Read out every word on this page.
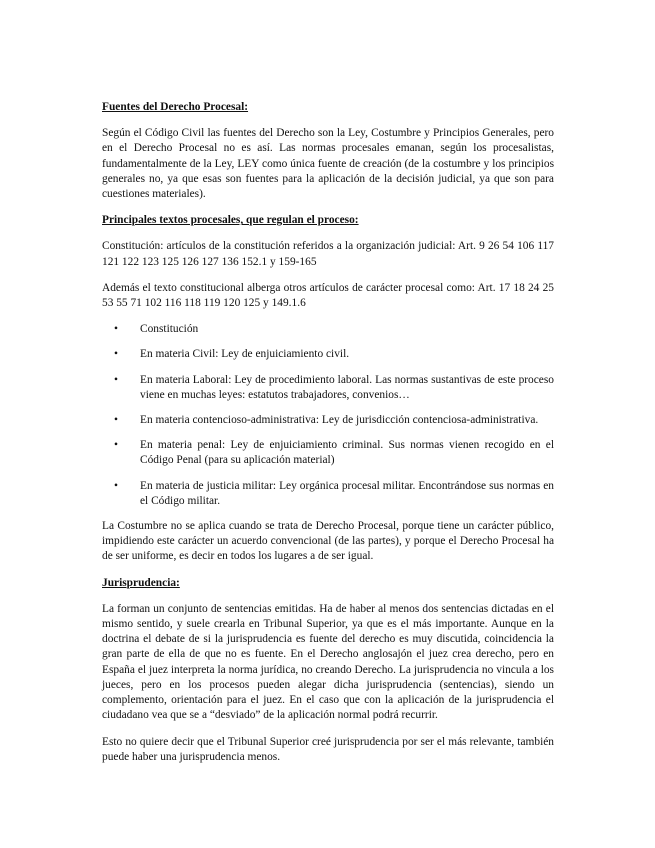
Fuentes del Derecho Procesal:

Según el Código Civil las fuentes del Derecho son la Ley, Costumbre y Principios Generales, pero en el Derecho Procesal no es así. Las normas procesales emanan, según los procesalistas, fundamentalmente de la Ley, LEY como única fuente de creación (de la costumbre y los principios generales no, ya que esas son fuentes para la aplicación de la decisión judicial, ya que son para cuestiones materiales).

Principales textos procesales, que regulan el proceso:

Constitución: artículos de la constitución referidos a la organización judicial: Art. 9 26 54 106 117 121 122 123 125 126 127 136 152.1 y 159-165

Además el texto constitucional alberga otros artículos de carácter procesal como: Art. 17 18 24 25 53 55 71 102 116 118 119 120 125 y 149.1.6

• Constitución
• En materia Civil: Ley de enjuiciamiento civil.
• En materia Laboral: Ley de procedimiento laboral. Las normas sustantivas de este proceso viene en muchas leyes: estatutos trabajadores, convenios…
• En materia contencioso-administrativa: Ley de jurisdicción contenciosa-administrativa.
• En materia penal: Ley de enjuiciamiento criminal. Sus normas vienen recogido en el Código Penal (para su aplicación material)
• En materia de justicia militar: Ley orgánica procesal militar. Encontrándose sus normas en el Código militar.

La Costumbre no se aplica cuando se trata de Derecho Procesal, porque tiene un carácter público, impidiendo este carácter un acuerdo convencional (de las partes), y porque el Derecho Procesal ha de ser uniforme, es decir en todos los lugares a de ser igual.

Jurisprudencia:

La forman un conjunto de sentencias emitidas. Ha de haber al menos dos sentencias dictadas en el mismo sentido, y suele crearla en Tribunal Superior, ya que es el más importante. Aunque en la doctrina el debate de si la jurisprudencia es fuente del derecho es muy discutida, coincidencia la gran parte de ella de que no es fuente. En el Derecho anglosajón el juez crea derecho, pero en España el juez interpreta la norma jurídica, no creando Derecho. La jurisprudencia no vincula a los jueces, pero en los procesos pueden alegar dicha jurisprudencia (sentencias), siendo un complemento, orientación para el juez. En el caso que con la aplicación de la jurisprudencia el ciudadano vea que se a “desviado” de la aplicación normal podrá recurrir.

Esto no quiere decir que el Tribunal Superior creé jurisprudencia por ser el más relevante, también puede haber una jurisprudencia menos.
